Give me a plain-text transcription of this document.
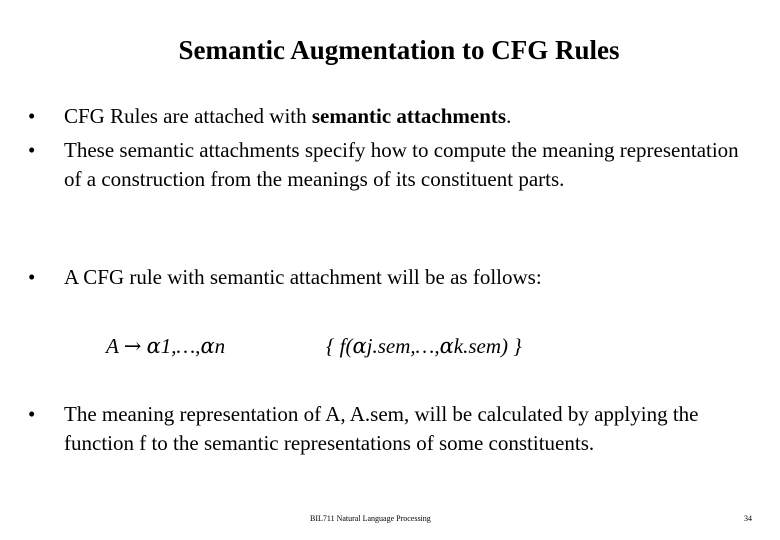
Semantic Augmentation to CFG Rules
•	CFG Rules are attached with semantic attachments.
•	These semantic attachments specify how to compute the meaning representation of a construction from the meanings of its constituent parts.
•	A CFG rule with semantic attachment will be as follows:
A → α1,…,αn	{ f(αj.sem,…,αk.sem) }
•	The meaning representation of A, A.sem, will be calculated by applying the function f to the semantic representations of some constituents.
BIL711 Natural Language Processing	34
